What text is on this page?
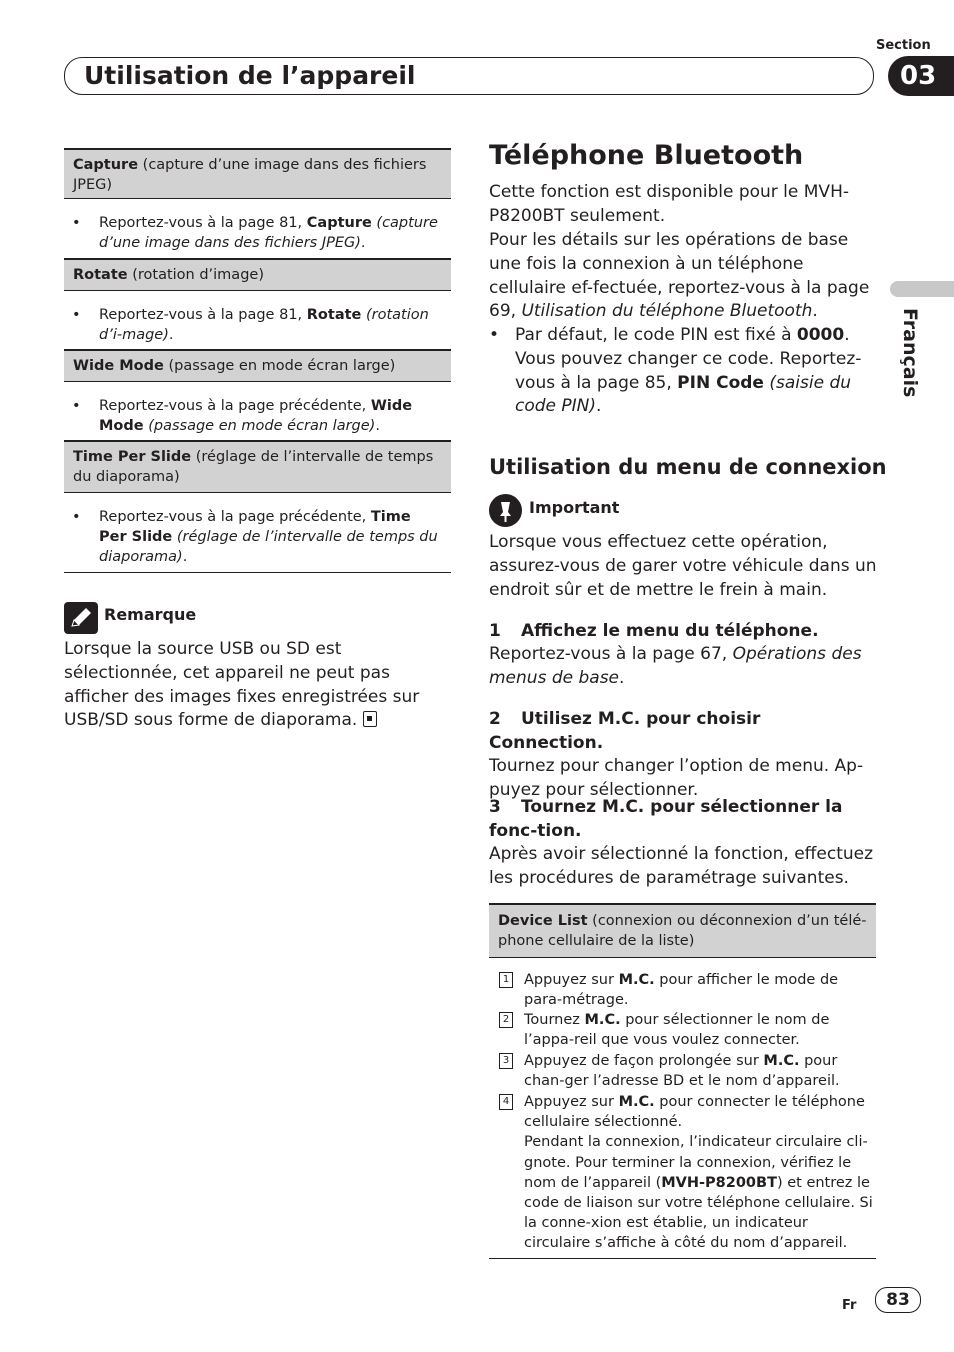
Utilisation de l’appareil
Section
03
Français
Capture (capture d’une image dans des fichiers JPEG)
• Reportez-vous à la page 81, Capture (capture d’une image dans des fichiers JPEG).
Rotate (rotation d’image)
• Reportez-vous à la page 81, Rotate (rotation d’i-mage).
Wide Mode (passage en mode écran large)
• Reportez-vous à la page précédente, Wide Mode (passage en mode écran large).
Time Per Slide (réglage de l’intervalle de temps du diaporama)
• Reportez-vous à la page précédente, Time Per Slide (réglage de l’intervalle de temps du diaporama).
Remarque
Lorsque la source USB ou SD est sélectionnée, cet appareil ne peut pas afficher des images fixes enregistrées sur USB/SD sous forme de diaporama.
Téléphone Bluetooth
Cette fonction est disponible pour le MVH-P8200BT seulement.
Pour les détails sur les opérations de base une fois la connexion à un téléphone cellulaire ef-fectuée, reportez-vous à la page 69, Utilisation du téléphone Bluetooth.
• Par défaut, le code PIN est fixé à 0000. Vous pouvez changer ce code. Reportez-vous à la page 85, PIN Code (saisie du code PIN).
Utilisation du menu de connexion
Important
Lorsque vous effectuez cette opération, assurez-vous de garer votre véhicule dans un endroit sûr et de mettre le frein à main.
1 Affichez le menu du téléphone.
Reportez-vous à la page 67, Opérations des menus de base.
2 Utilisez M.C. pour choisir Connection.
Tournez pour changer l’option de menu. Ap-puyez pour sélectionner.
3 Tournez M.C. pour sélectionner la fonc-tion.
Après avoir sélectionné la fonction, effectuez les procédures de paramétrage suivantes.
Device List (connexion ou déconnexion d’un télé-phone cellulaire de la liste)
1 Appuyez sur M.C. pour afficher le mode de para-métrage.
2 Tournez M.C. pour sélectionner le nom de l’appa-reil que vous voulez connecter.
3 Appuyez de façon prolongée sur M.C. pour chan-ger l’adresse BD et le nom d’appareil.
4 Appuyez sur M.C. pour connecter le téléphone cellulaire sélectionné.
Pendant la connexion, l’indicateur circulaire cli-gnote. Pour terminer la connexion, vérifiez le nom de l’appareil (MVH-P8200BT) et entrez le code de liaison sur votre téléphone cellulaire. Si la conne-xion est établie, un indicateur circulaire s’affiche à côté du nom d’appareil.
Fr	83
